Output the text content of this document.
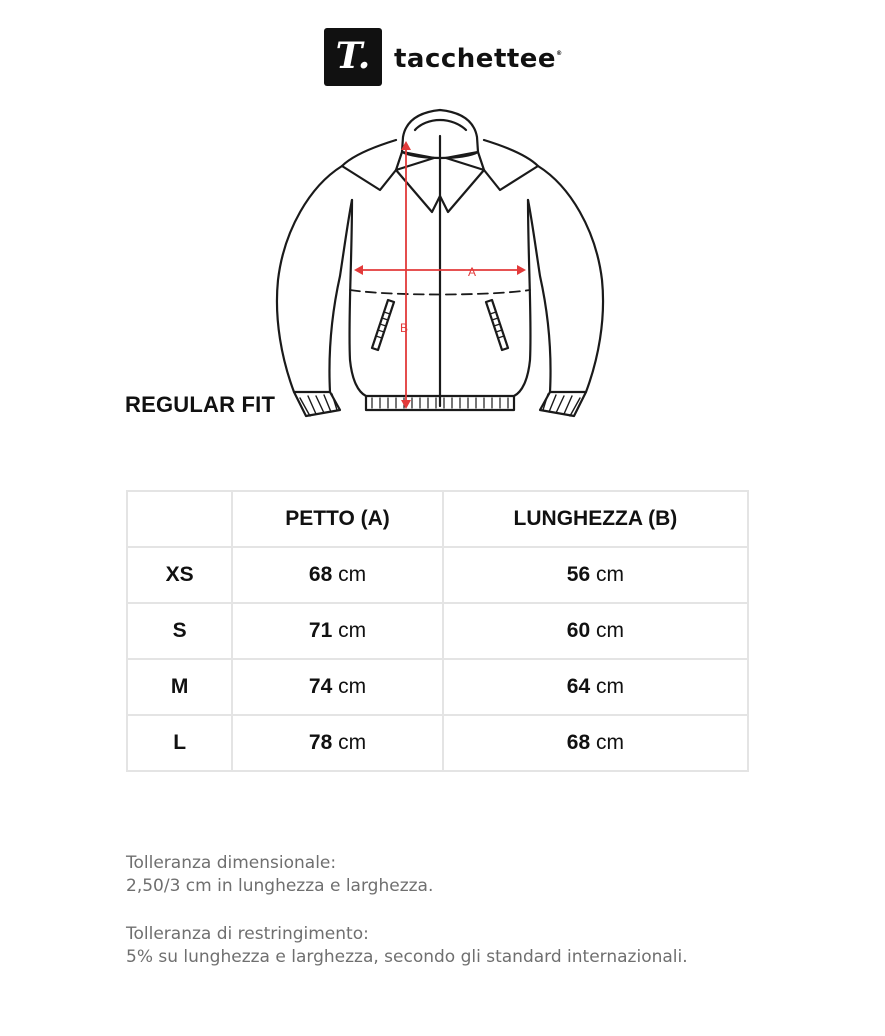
T. tacchettee®
A
B
REGULAR FIT
	PETTO (A)	LUNGHEZZA (B)
XS	68 cm	56 cm
S	71 cm	60 cm
M	74 cm	64 cm
L	78 cm	68 cm
Tolleranza dimensionale:
2,50/3 cm in lunghezza e larghezza.
Tolleranza di restringimento:
5% su lunghezza e larghezza, secondo gli standard internazionali.
